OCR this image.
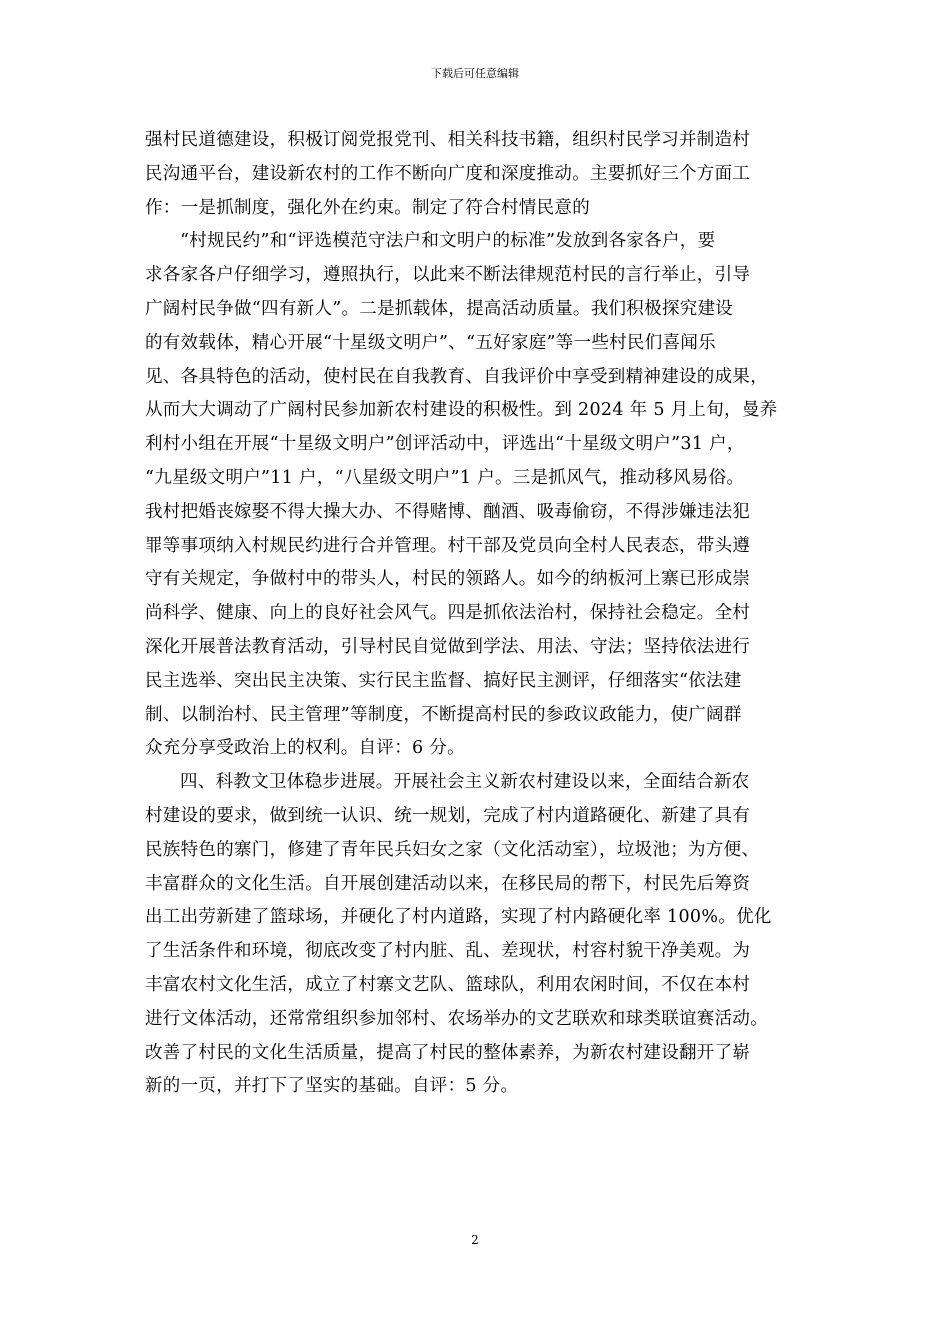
下载后可任意编辑

强村民道德建设，积极订阅党报党刊、相关科技书籍，组织村民学习并制造村
民沟通平台，建设新农村的工作不断向广度和深度推动。主要抓好三个方面工
作：一是抓制度，强化外在约束。制定了符合村情民意的

“村规民约”和“评选模范守法户和文明户的标准”发放到各家各户，要
求各家各户仔细学习，遵照执行，以此来不断法律规范村民的言行举止，引导
广阔村民争做“四有新人”。二是抓载体，提高活动质量。我们积极探究建设
的有效载体，精心开展“十星级文明户”、“五好家庭”等一些村民们喜闻乐
见、各具特色的活动，使村民在自我教育、自我评价中享受到精神建设的成果，
从而大大调动了广阔村民参加新农村建设的积极性。到 2024 年 5 月上旬，曼养
利村小组在开展“十星级文明户”创评活动中，评选出“十星级文明户”31 户，
“九星级文明户”11 户，“八星级文明户”1 户。三是抓风气，推动移风易俗。
我村把婚丧嫁娶不得大操大办、不得赌博、酗酒、吸毒偷窃，不得涉嫌违法犯
罪等事项纳入村规民约进行合并管理。村干部及党员向全村人民表态，带头遵
守有关规定，争做村中的带头人，村民的领路人。如今的纳板河上寨已形成崇
尚科学、健康、向上的良好社会风气。四是抓依法治村，保持社会稳定。全村
深化开展普法教育活动，引导村民自觉做到学法、用法、守法；坚持依法进行
民主选举、突出民主决策、实行民主监督、搞好民主测评，仔细落实“依法建
制、以制治村、民主管理”等制度，不断提高村民的参政议政能力，使广阔群
众充分享受政治上的权利。自评：6 分。

四、科教文卫体稳步进展。开展社会主义新农村建设以来，全面结合新农
村建设的要求，做到统一认识、统一规划，完成了村内道路硬化、新建了具有
民族特色的寨门，修建了青年民兵妇女之家（文化活动室），垃圾池；为方便、
丰富群众的文化生活。自开展创建活动以来，在移民局的帮下，村民先后筹资
出工出劳新建了篮球场，并硬化了村内道路，实现了村内路硬化率 100%。优化
了生活条件和环境，彻底改变了村内脏、乱、差现状，村容村貌干净美观。为
丰富农村文化生活，成立了村寨文艺队、篮球队，利用农闲时间，不仅在本村
进行文体活动，还常常组织参加邻村、农场举办的文艺联欢和球类联谊赛活动。
改善了村民的文化生活质量，提高了村民的整体素养，为新农村建设翻开了崭
新的一页，并打下了坚实的基础。自评：5 分。

2
